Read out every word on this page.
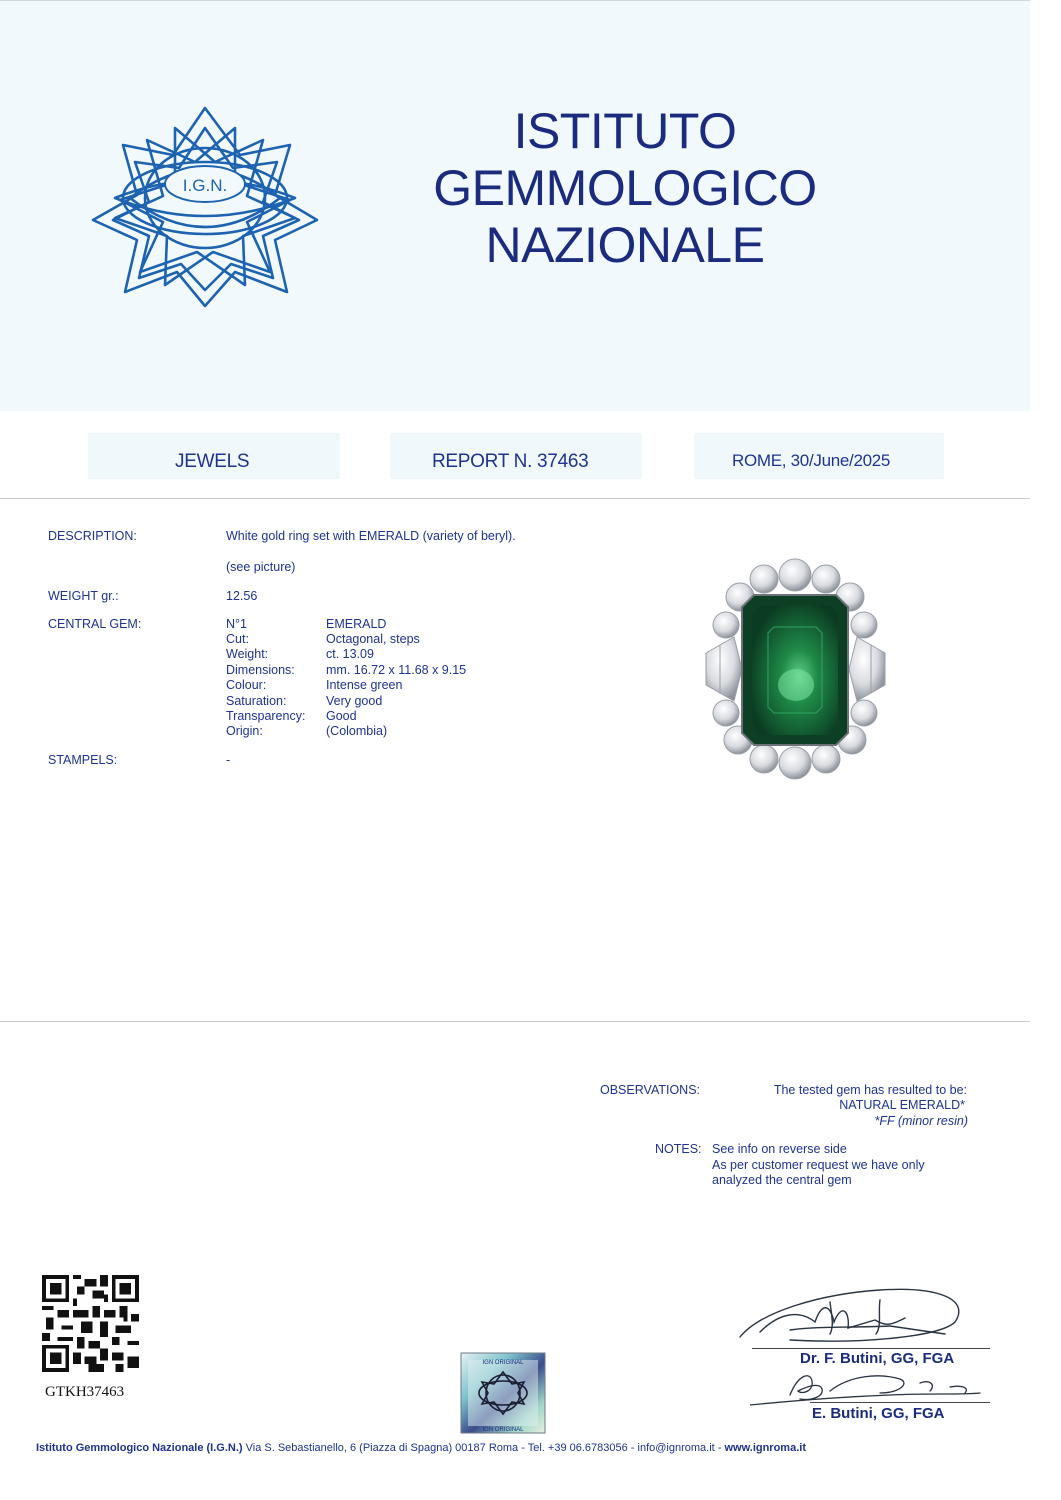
I.G.N.
ISTITUTO
GEMMOLOGICO
NAZIONALE
JEWELS	REPORT N. 37463	ROME, 30/June/2025
DESCRIPTION:	White gold ring set with EMERALD (variety of beryl).
(see picture)
WEIGHT gr.:	12.56
CENTRAL GEM:	N°1	EMERALD
Cut:	Octagonal, steps
Weight:	ct. 13.09
Dimensions: mm. 16.72 x 11.68 x 9.15
Colour:	Intense green
Saturation:	Very good
Transparency: Good
Origin:	(Colombia)
STAMPELS:	-
OBSERVATIONS:	The tested gem has resulted to be:
NATURAL EMERALD*
*FF (minor resin)
NOTES: See info on reverse side
As per customer request we have only
analyzed the central gem
GTKH37463
IGN ORIGINAL
IGN ORIGINAL
Dr. F. Butini, GG, FGA
E. Butini, GG, FGA
Istituto Gemmologico Nazionale (I.G.N.) Via S. Sebastianello, 6 (Piazza di Spagna) 00187 Roma - Tel. +39 06.6783056 - info@ignroma.it - www.ignroma.it
